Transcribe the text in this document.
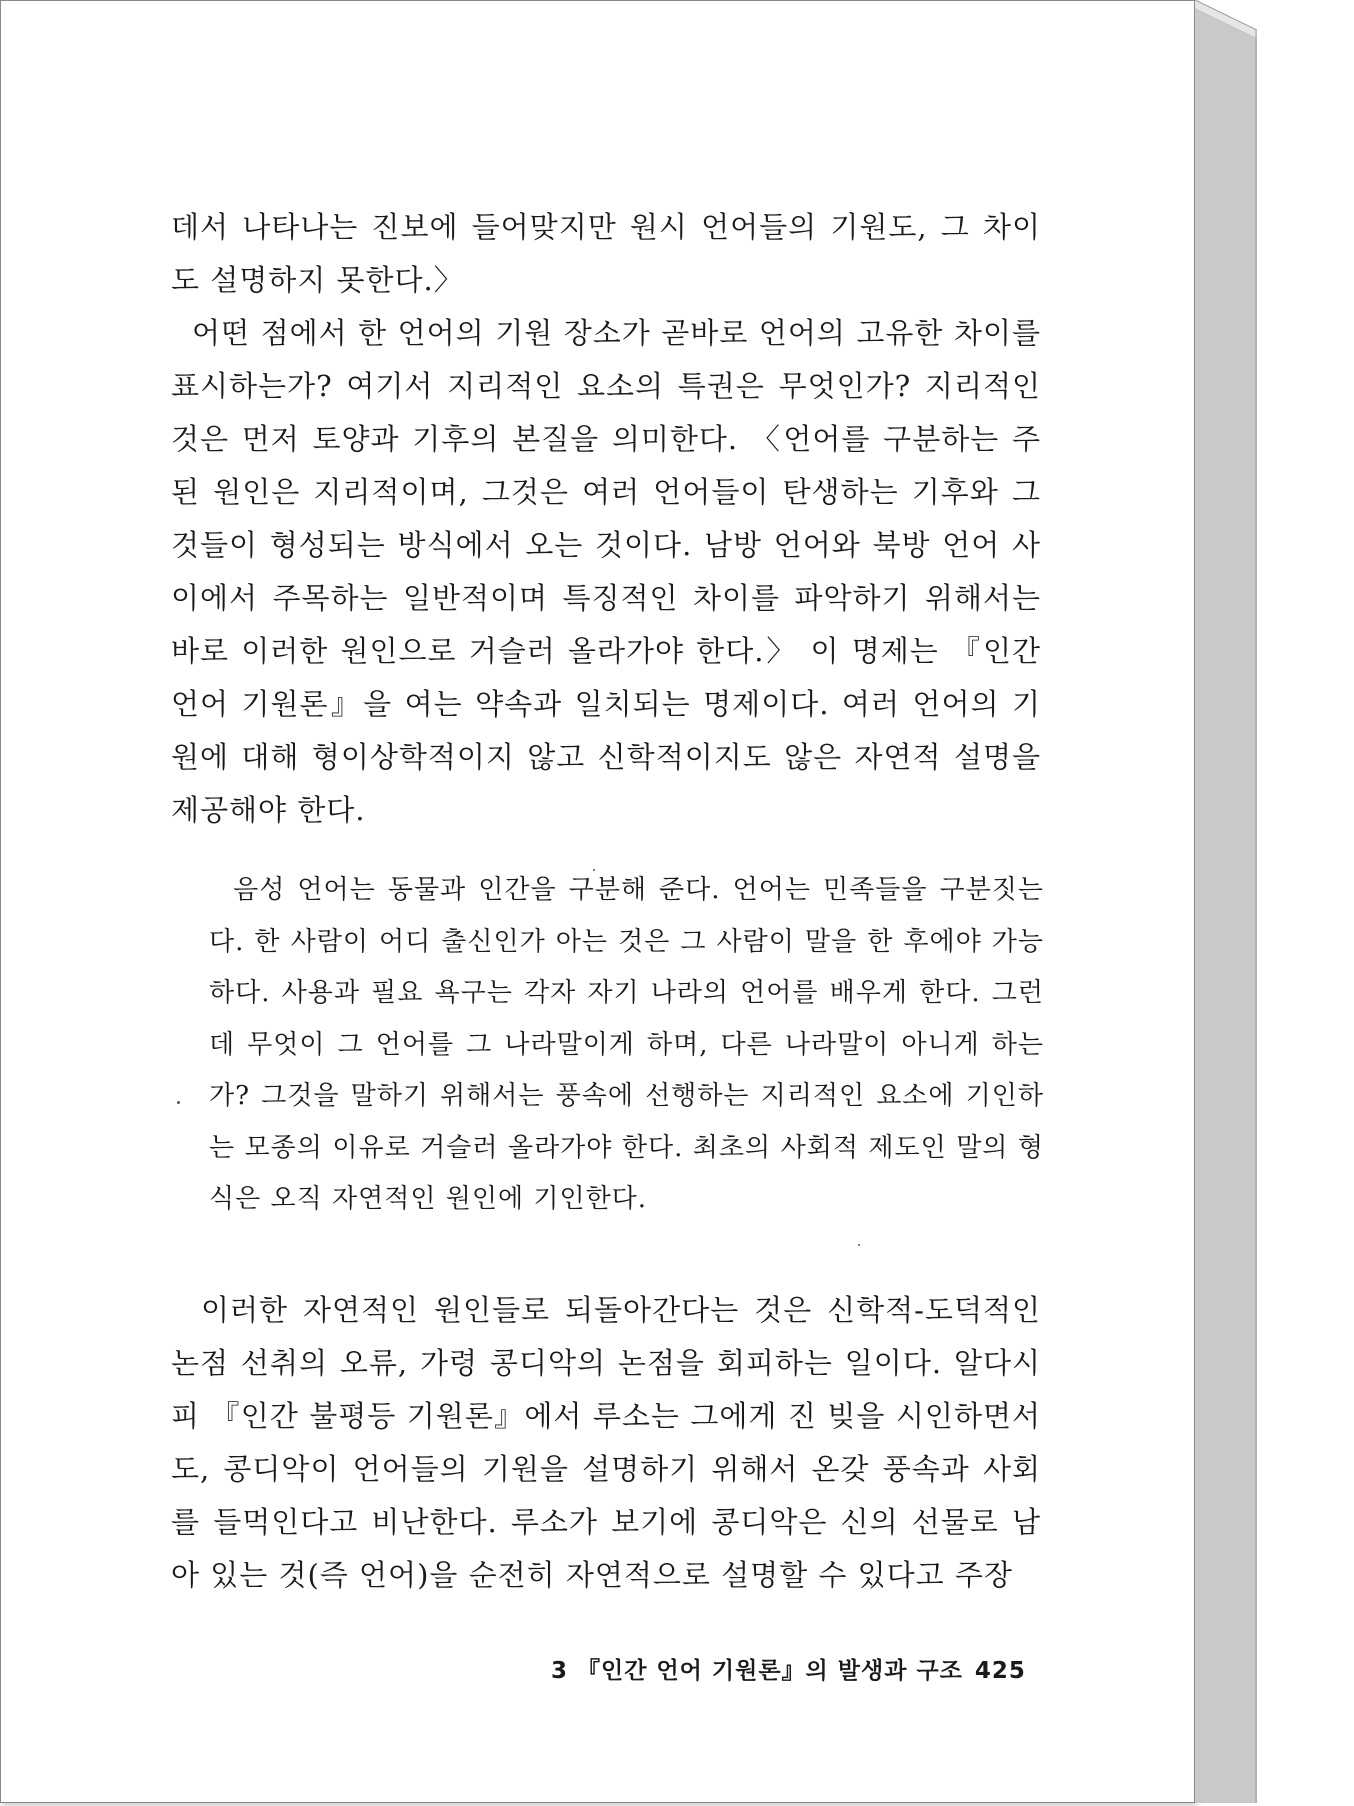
데서 나타나는 진보에 들어맞지만 원시 언어들의 기원도, 그 차이도 설명하지 못한다.〉

어떤 점에서 한 언어의 기원 장소가 곧바로 언어의 고유한 차이를 표시하는가? 여기서 지리적인 요소의 특권은 무엇인가? 지리적인 것은 먼저 토양과 기후의 본질을 의미한다. 〈언어를 구분하는 주된 원인은 지리적이며, 그것은 여러 언어들이 탄생하는 기후와 그것들이 형성되는 방식에서 오는 것이다. 남방 언어와 북방 언어 사이에서 주목하는 일반적이며 특징적인 차이를 파악하기 위해서는 바로 이러한 원인으로 거슬러 올라가야 한다.〉 이 명제는 『인간 언어 기원론』을 여는 약속과 일치되는 명제이다. 여러 언어의 기원에 대해 형이상학적이지 않고 신학적이지도 않은 자연적 설명을 제공해야 한다.

음성 언어는 동물과 인간을 구분해 준다. 언어는 민족들을 구분짓는다. 한 사람이 어디 출신인가 아는 것은 그 사람이 말을 한 후에야 가능하다. 사용과 필요 욕구는 각자 자기 나라의 언어를 배우게 한다. 그런데 무엇이 그 언어를 그 나라말이게 하며, 다른 나라말이 아니게 하는가? 그것을 말하기 위해서는 풍속에 선행하는 지리적인 요소에 기인하는 모종의 이유로 거슬러 올라가야 한다. 최초의 사회적 제도인 말의 형식은 오직 자연적인 원인에 기인한다.

이러한 자연적인 원인들로 되돌아간다는 것은 신학적-도덕적인 논점 선취의 오류, 가령 콩디악의 논점을 회피하는 일이다. 알다시피 『인간 불평등 기원론』에서 루소는 그에게 진 빚을 시인하면서도, 콩디악이 언어들의 기원을 설명하기 위해서 온갖 풍속과 사회를 들먹인다고 비난한다. 루소가 보기에 콩디악은 신의 선물로 남아 있는 것(즉 언어)을 순전히 자연적으로 설명할 수 있다고 주장

3 『인간 언어 기원론』의 발생과 구조 425
